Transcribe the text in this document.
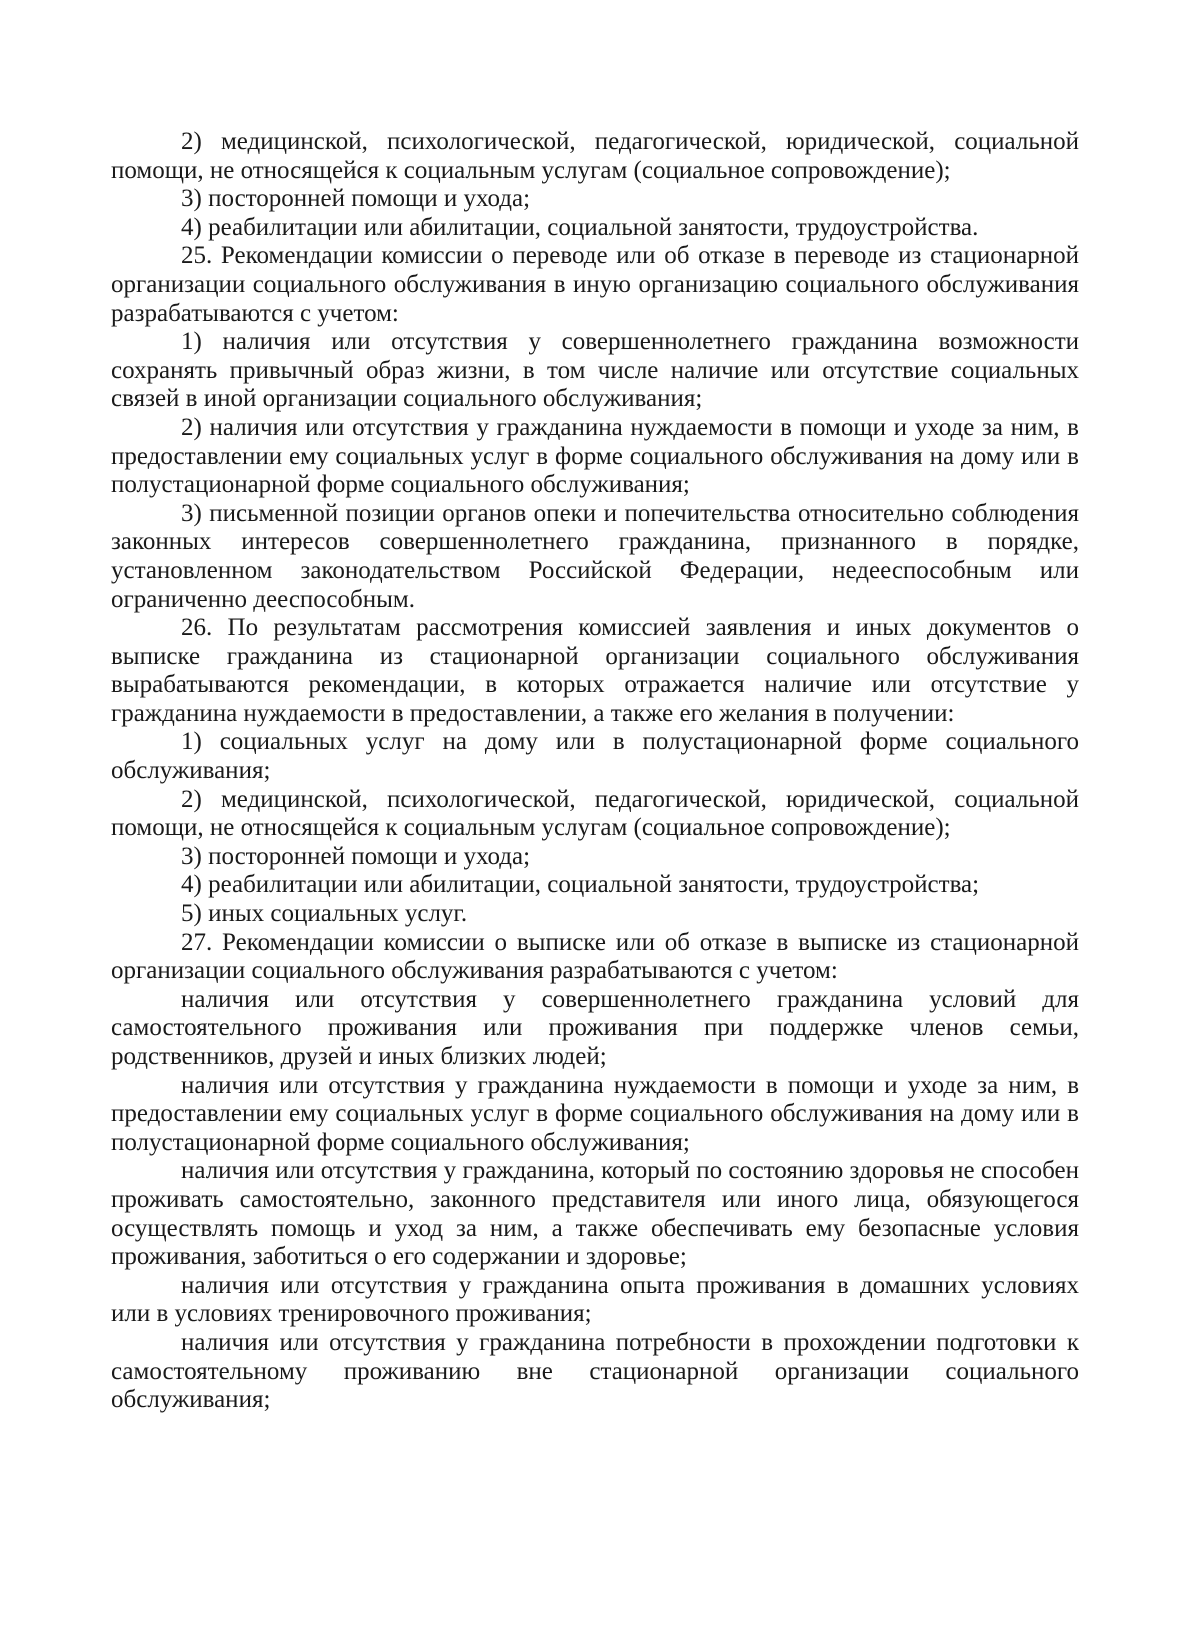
2) медицинской, психологической, педагогической, юридической, социальной помощи, не относящейся к социальным услугам (социальное сопровождение);

3) посторонней помощи и ухода;

4) реабилитации или абилитации, социальной занятости, трудоустройства.

25. Рекомендации комиссии о переводе или об отказе в переводе из стационарной организации социального обслуживания в иную организацию социального обслуживания разрабатываются с учетом:

1) наличия или отсутствия у совершеннолетнего гражданина возможности сохранять привычный образ жизни, в том числе наличие или отсутствие социальных связей в иной организации социального обслуживания;

2) наличия или отсутствия у гражданина нуждаемости в помощи и уходе за ним, в предоставлении ему социальных услуг в форме социального обслуживания на дому или в полустационарной форме социального обслуживания;

3) письменной позиции органов опеки и попечительства относительно соблюдения законных интересов совершеннолетнего гражданина, признанного в порядке, установленном законодательством Российской Федерации, недееспособным или ограниченно дееспособным.

26. По результатам рассмотрения комиссией заявления и иных документов о выписке гражданина из стационарной организации социального обслуживания вырабатываются рекомендации, в которых отражается наличие или отсутствие у гражданина нуждаемости в предоставлении, а также его желания в получении:

1) социальных услуг на дому или в полустационарной форме социального обслуживания;

2) медицинской, психологической, педагогической, юридической, социальной помощи, не относящейся к социальным услугам (социальное сопровождение);

3) посторонней помощи и ухода;

4) реабилитации или абилитации, социальной занятости, трудоустройства;

5) иных социальных услуг.

27. Рекомендации комиссии о выписке или об отказе в выписке из стационарной организации социального обслуживания разрабатываются с учетом:

наличия или отсутствия у совершеннолетнего гражданина условий для самостоятельного проживания или проживания при поддержке членов семьи, родственников, друзей и иных близких людей;

наличия или отсутствия у гражданина нуждаемости в помощи и уходе за ним, в предоставлении ему социальных услуг в форме социального обслуживания на дому или в полустационарной форме социального обслуживания;

наличия или отсутствия у гражданина, который по состоянию здоровья не способен проживать самостоятельно, законного представителя или иного лица, обязующегося осуществлять помощь и уход за ним, а также обеспечивать ему безопасные условия проживания, заботиться о его содержании и здоровье;

наличия или отсутствия у гражданина опыта проживания в домашних условиях или в условиях тренировочного проживания;

наличия или отсутствия у гражданина потребности в прохождении подготовки к самостоятельному проживанию вне стационарной организации социального обслуживания;
